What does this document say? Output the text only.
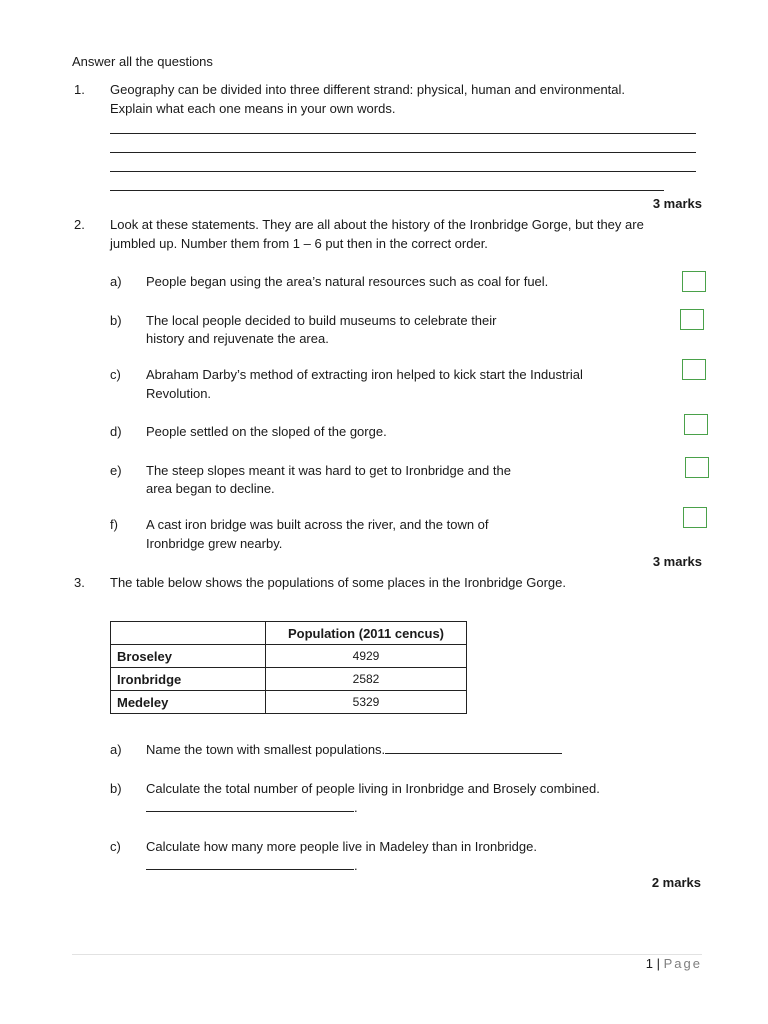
Answer all the questions
1. Geography can be divided into three different strand: physical, human and environmental.
Explain what each one means in your own words.
3 marks
2. Look at these statements. They are all about the history of the Ironbridge Gorge, but they are
jumbled up. Number them from 1 – 6 put then in the correct order.
a) People began using the area’s natural resources such as coal for fuel.
b) The local people decided to build museums to celebrate their
history and rejuvenate the area.
c) Abraham Darby’s method of extracting iron helped to kick start the Industrial
Revolution.
d) People settled on the sloped of the gorge.
e) The steep slopes meant it was hard to get to Ironbridge and the
area began to decline.
f) A cast iron bridge was built across the river, and the town of
Ironbridge grew nearby.
3 marks
3. The table below shows the populations of some places in the Ironbridge Gorge.
	Population (2011 cencus)
Broseley	4929
Ironbridge	2582
Medeley	5329
a) Name the town with smallest populations.
b) Calculate the total number of people living in Ironbridge and Brosely combined.
.
c) Calculate how many more people live in Madeley than in Ironbridge.
.
2 marks
1 | Page
